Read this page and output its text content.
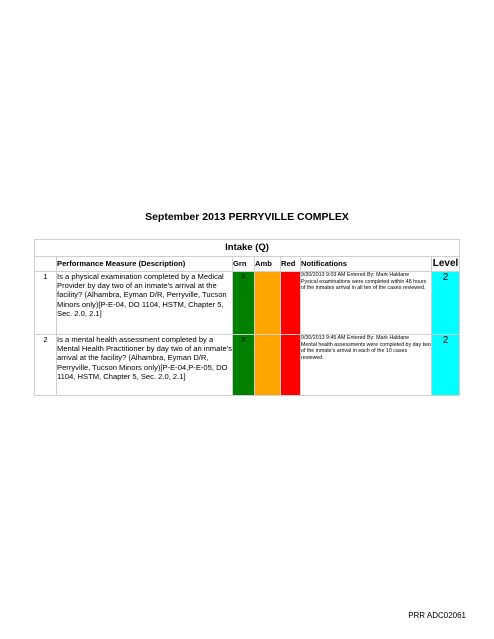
September 2013 PERRYVILLE COMPLEX
Intake (Q)						
	Performance Measure (Description)	Grn	Amb	Red	Notifications	Level
1	Is a physical examination completed by a Medical Provider by day two of an inmate's arrival at the facility? (Alhambra, Eyman D/R, Perryville, Tucson Minors only)[P-E-04, DO 1104, HSTM, Chapter 5, Sec. 2.0, 2.1]	X			9/30/2013 9:03 AM Entered By: Mark Haldane
Pysical examinations were completed within 48 hours of the inmates arrival in all ten of the cases reviewed.	2
2	Is a mental health assessment completed by a Mental Health Practitioner by day two of an inmate's arrival at the facility? (Alhambra, Eyman D/R, Perryville, Tucson Minors only)[P-E-04,P-E-05, DO 1104, HSTM, Chapter 5, Sec. 2.0, 2.1]	X			9/30/2013 9:45 AM Entered By: Mark Haldane
Mental health assessments were completed by day two of the inmate's arrival in each of the 10 cases reviewed.	2
PRR ADC02061
